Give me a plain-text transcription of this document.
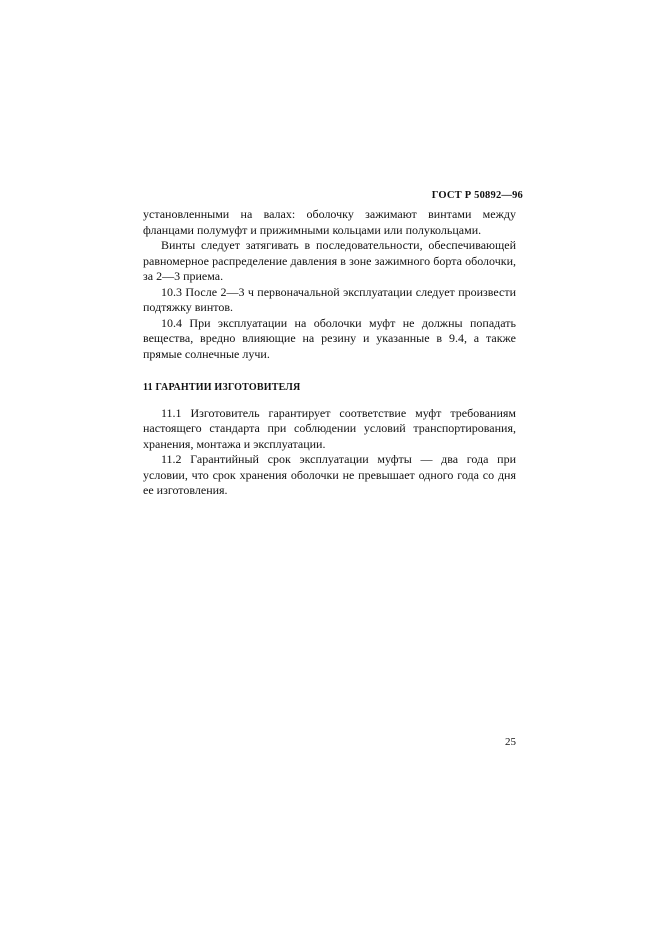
ГОСТ Р 50892—96

установленными на валах: оболочку зажимают винтами между фланцами полумуфт и прижимными кольцами или полукольцами.

Винты следует затягивать в последовательности, обеспечивающей равномерное распределение давления в зоне зажимного борта оболочки, за 2—3 приема.

10.3 После 2—3 ч первоначальной эксплуатации следует произвести подтяжку винтов.

10.4 При эксплуатации на оболочки муфт не должны попадать вещества, вредно влияющие на резину и указанные в 9.4, а также прямые солнечные лучи.

11 ГАРАНТИИ ИЗГОТОВИТЕЛЯ

11.1 Изготовитель гарантирует соответствие муфт требованиям настоящего стандарта при соблюдении условий транспортирования, хранения, монтажа и эксплуатации.

11.2 Гарантийный срок эксплуатации муфты — два года при условии, что срок хранения оболочки не превышает одного года со дня ее изготовления.

25
